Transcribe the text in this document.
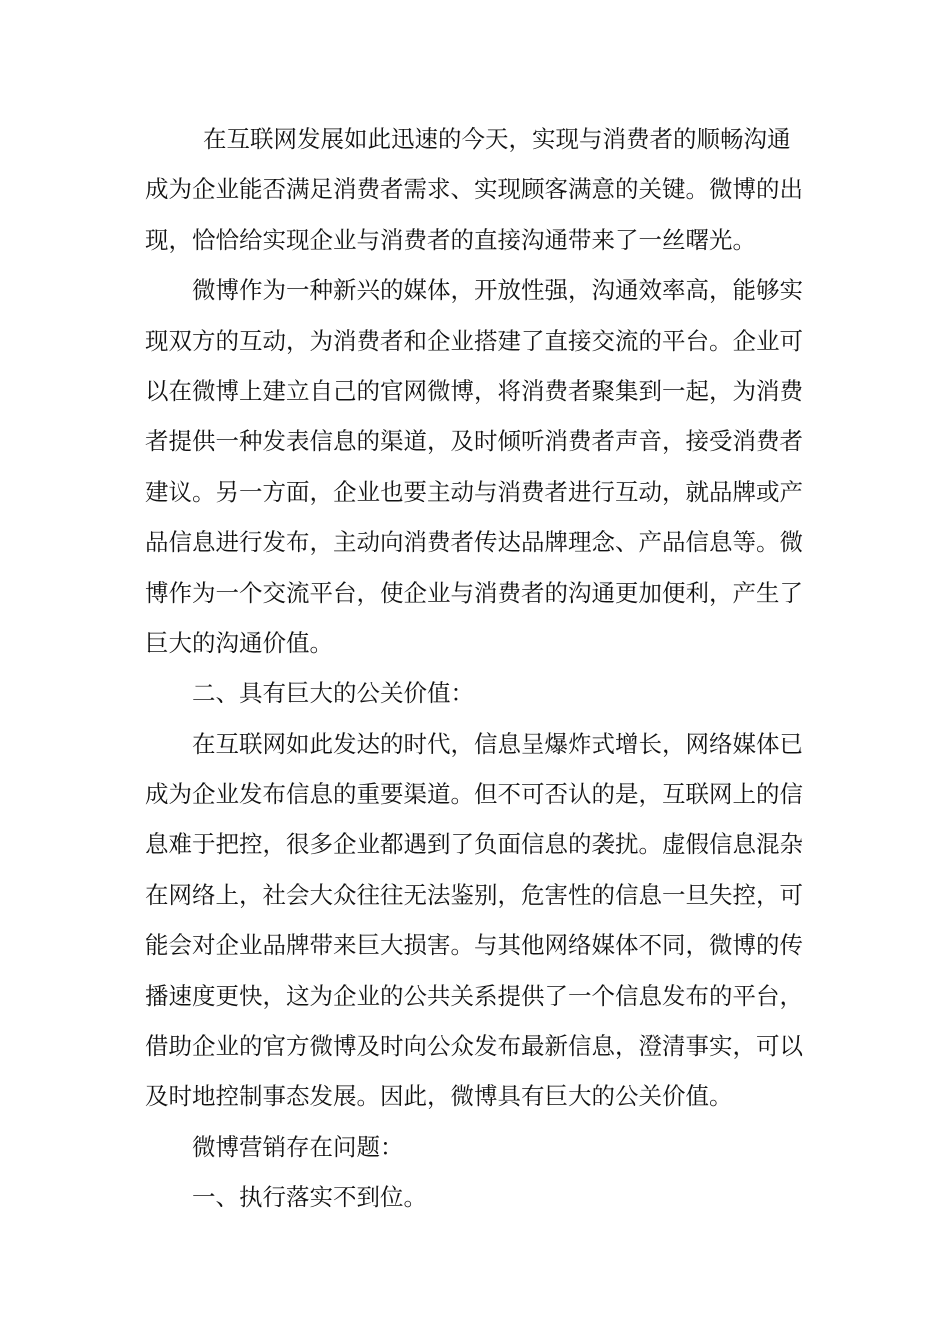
在互联网发展如此迅速的今天，实现与消费者的顺畅沟通
成为企业能否满足消费者需求、实现顾客满意的关键。微博的出
现，恰恰给实现企业与消费者的直接沟通带来了一丝曙光。
微博作为一种新兴的媒体，开放性强，沟通效率高，能够实
现双方的互动，为消费者和企业搭建了直接交流的平台。企业可
以在微博上建立自己的官网微博，将消费者聚集到一起，为消费
者提供一种发表信息的渠道，及时倾听消费者声音，接受消费者
建议。另一方面，企业也要主动与消费者进行互动，就品牌或产
品信息进行发布，主动向消费者传达品牌理念、产品信息等。微
博作为一个交流平台，使企业与消费者的沟通更加便利，产生了
巨大的沟通价值。
二、具有巨大的公关价值：
在互联网如此发达的时代，信息呈爆炸式增长，网络媒体已
成为企业发布信息的重要渠道。但不可否认的是，互联网上的信
息难于把控，很多企业都遇到了负面信息的袭扰。虚假信息混杂
在网络上，社会大众往往无法鉴别，危害性的信息一旦失控，可
能会对企业品牌带来巨大损害。与其他网络媒体不同，微博的传
播速度更快，这为企业的公共关系提供了一个信息发布的平台，
借助企业的官方微博及时向公众发布最新信息，澄清事实，可以
及时地控制事态发展。因此，微博具有巨大的公关价值。
微博营销存在问题：
一、执行落实不到位。
